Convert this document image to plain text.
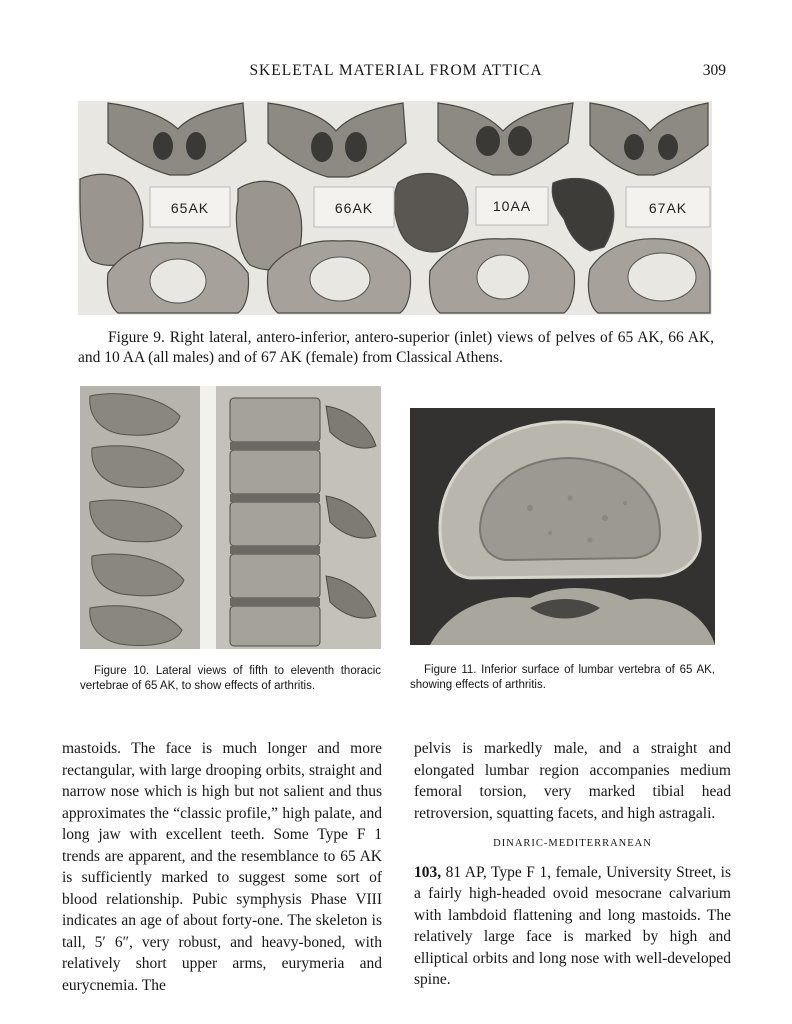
SKELETAL MATERIAL FROM ATTICA	309
65AK	66AK	10AA	67AK
Figure 9. Right lateral, antero-inferior, antero-superior (inlet) views of pelves of 65 AK, 66 AK, and 10 AA (all males) and of 67 AK (female) from Classical Athens.
Figure 10. Lateral views of fifth to eleventh thoracic vertebrae of 65 AK, to show effects of arthritis.
Figure 11. Inferior surface of lumbar vertebra of 65 AK, showing effects of arthritis.
mastoids. The face is much longer and more rectangular, with large drooping orbits, straight and narrow nose which is high but not salient and thus approximates the “classic profile,” high palate, and long jaw with excellent teeth. Some Type F 1 trends are apparent, and the resemblance to 65 AK is sufficiently marked to suggest some sort of blood relationship. Pubic symphysis Phase VIII indicates an age of about forty-one. The skeleton is tall, 5′ 6″, very robust, and heavy-boned, with relatively short upper arms, eurymeria and eurycnemia. The

pelvis is markedly male, and a straight and elongated lumbar region accompanies medium femoral torsion, very marked tibial head retroversion, squatting facets, and high astragali.

DINARIC-MEDITERRANEAN

103, 81 AP, Type F 1, female, University Street, is a fairly high-headed ovoid mesocrane calvarium with lambdoid flattening and long mastoids. The relatively large face is marked by high and elliptical orbits and long nose with well-developed spine.
